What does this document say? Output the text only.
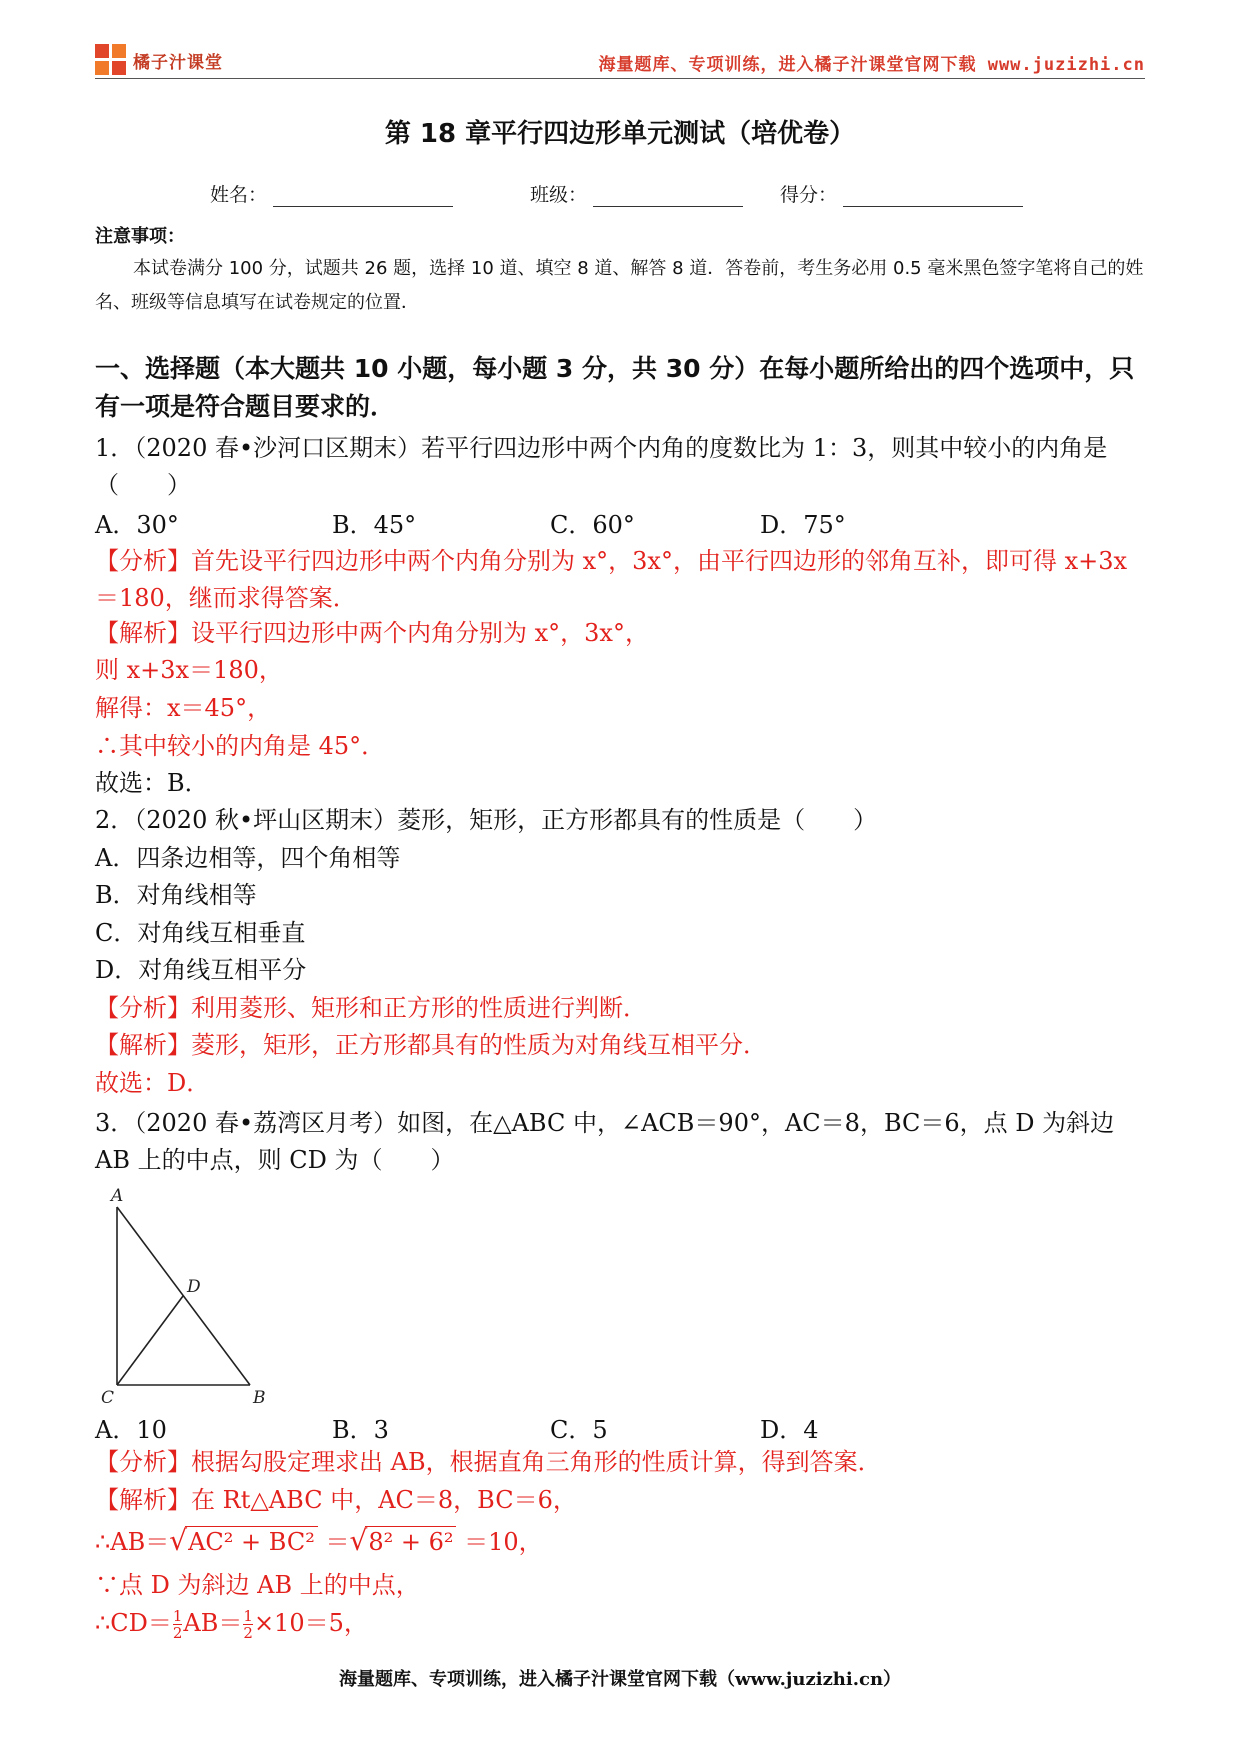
橘子汁课堂	海量题库、专项训练，进入橘子汁课堂官网下载 www.juzizhi.cn
第 18 章平行四边形单元测试（培优卷）
姓名：	班级：	得分：
注意事项：
本试卷满分 100 分，试题共 26 题，选择 10 道、填空 8 道、解答 8 道．答卷前，考生务必用 0.5 毫米黑色签字笔将自己的姓名、班级等信息填写在试卷规定的位置．
一、选择题（本大题共 10 小题，每小题 3 分，共 30 分）在每小题所给出的四个选项中，只有一项是符合题目要求的．
1．（2020 春•沙河口区期末）若平行四边形中两个内角的度数比为 1：3，则其中较小的内角是（　　）
A．30°	B．45°	C．60°	D．75°
【分析】首先设平行四边形中两个内角分别为 x°，3x°，由平行四边形的邻角互补，即可得 x+3x＝180，继而求得答案．
【解析】设平行四边形中两个内角分别为 x°，3x°，
则 x+3x＝180，
解得：x＝45°，
∴其中较小的内角是 45°．
故选：B．
2．（2020 秋•坪山区期末）菱形，矩形，正方形都具有的性质是（　　）
A．四条边相等，四个角相等
B．对角线相等
C．对角线互相垂直
D．对角线互相平分
【分析】利用菱形、矩形和正方形的性质进行判断．
【解析】菱形，矩形，正方形都具有的性质为对角线互相平分．
故选：D．
3．（2020 春•荔湾区月考）如图，在△ABC 中，∠ACB＝90°，AC＝8，BC＝6，点 D 为斜边 AB 上的中点，则 CD 为（　　）
A
D
C	B
A．10	B．3	C．5	D．4
【分析】根据勾股定理求出 AB，根据直角三角形的性质计算，得到答案．
【解析】在 Rt△ABC 中，AC＝8，BC＝6，
∴AB＝√AC² + BC² ＝√8² + 6² ＝10，
∵点 D 为斜边 AB 上的中点，
∴CD＝ $\frac{1}{2} AB= \frac{1}{2} \times 10=5$，
海量题库、专项训练，进入橘子汁课堂官网下载（www.juzizhi.cn）
